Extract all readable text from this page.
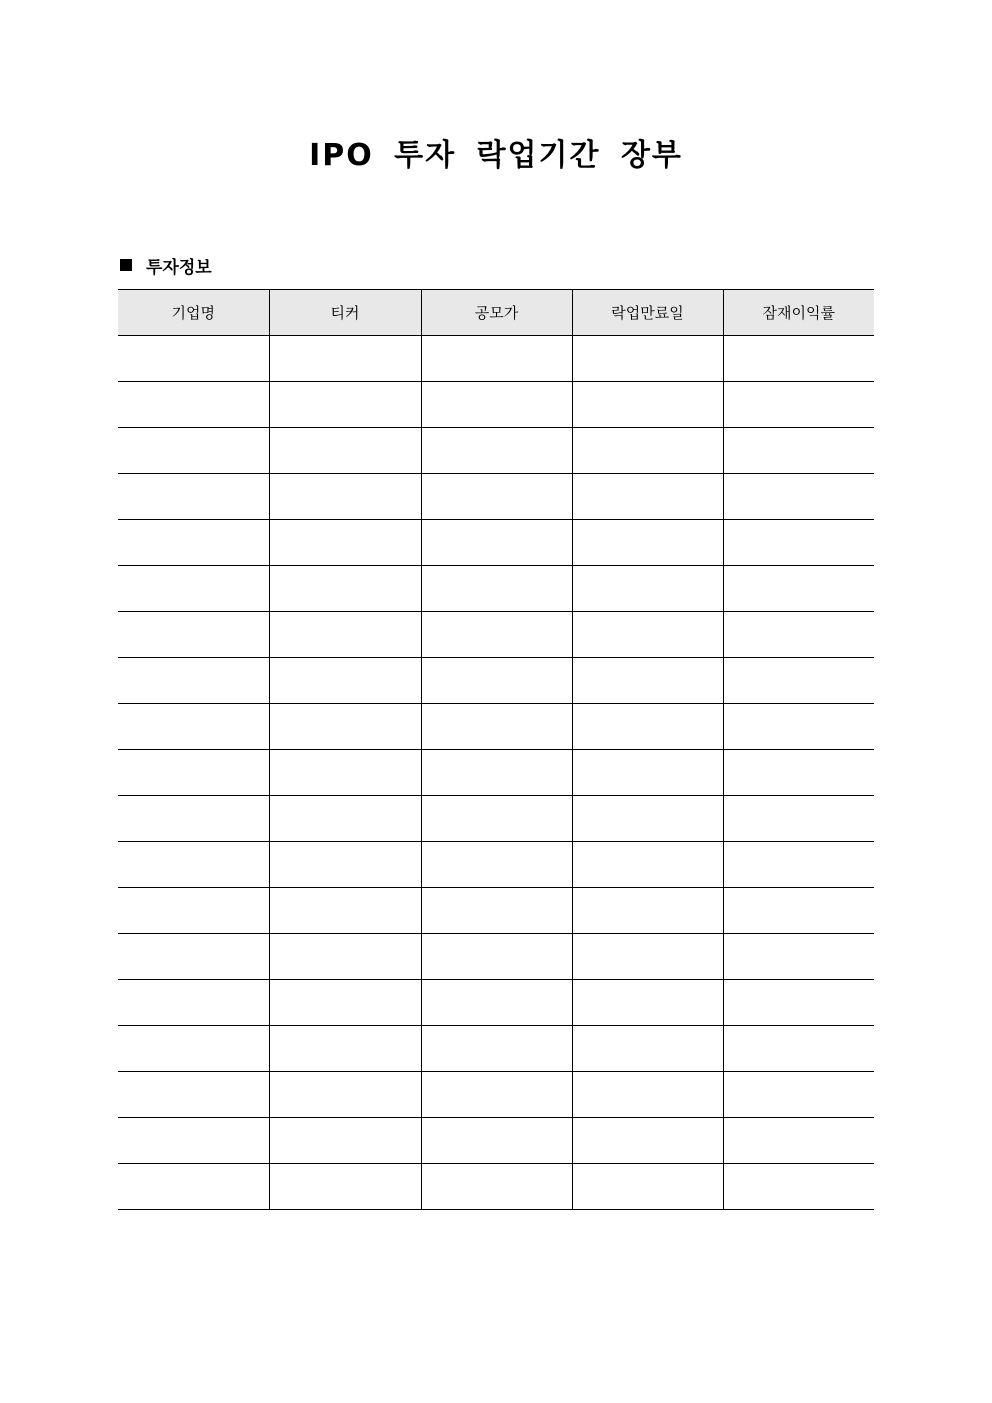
IPO 투자 락업기간 장부
투자정보
기업명	티커	공모가	락업만료일	잠재이익률
